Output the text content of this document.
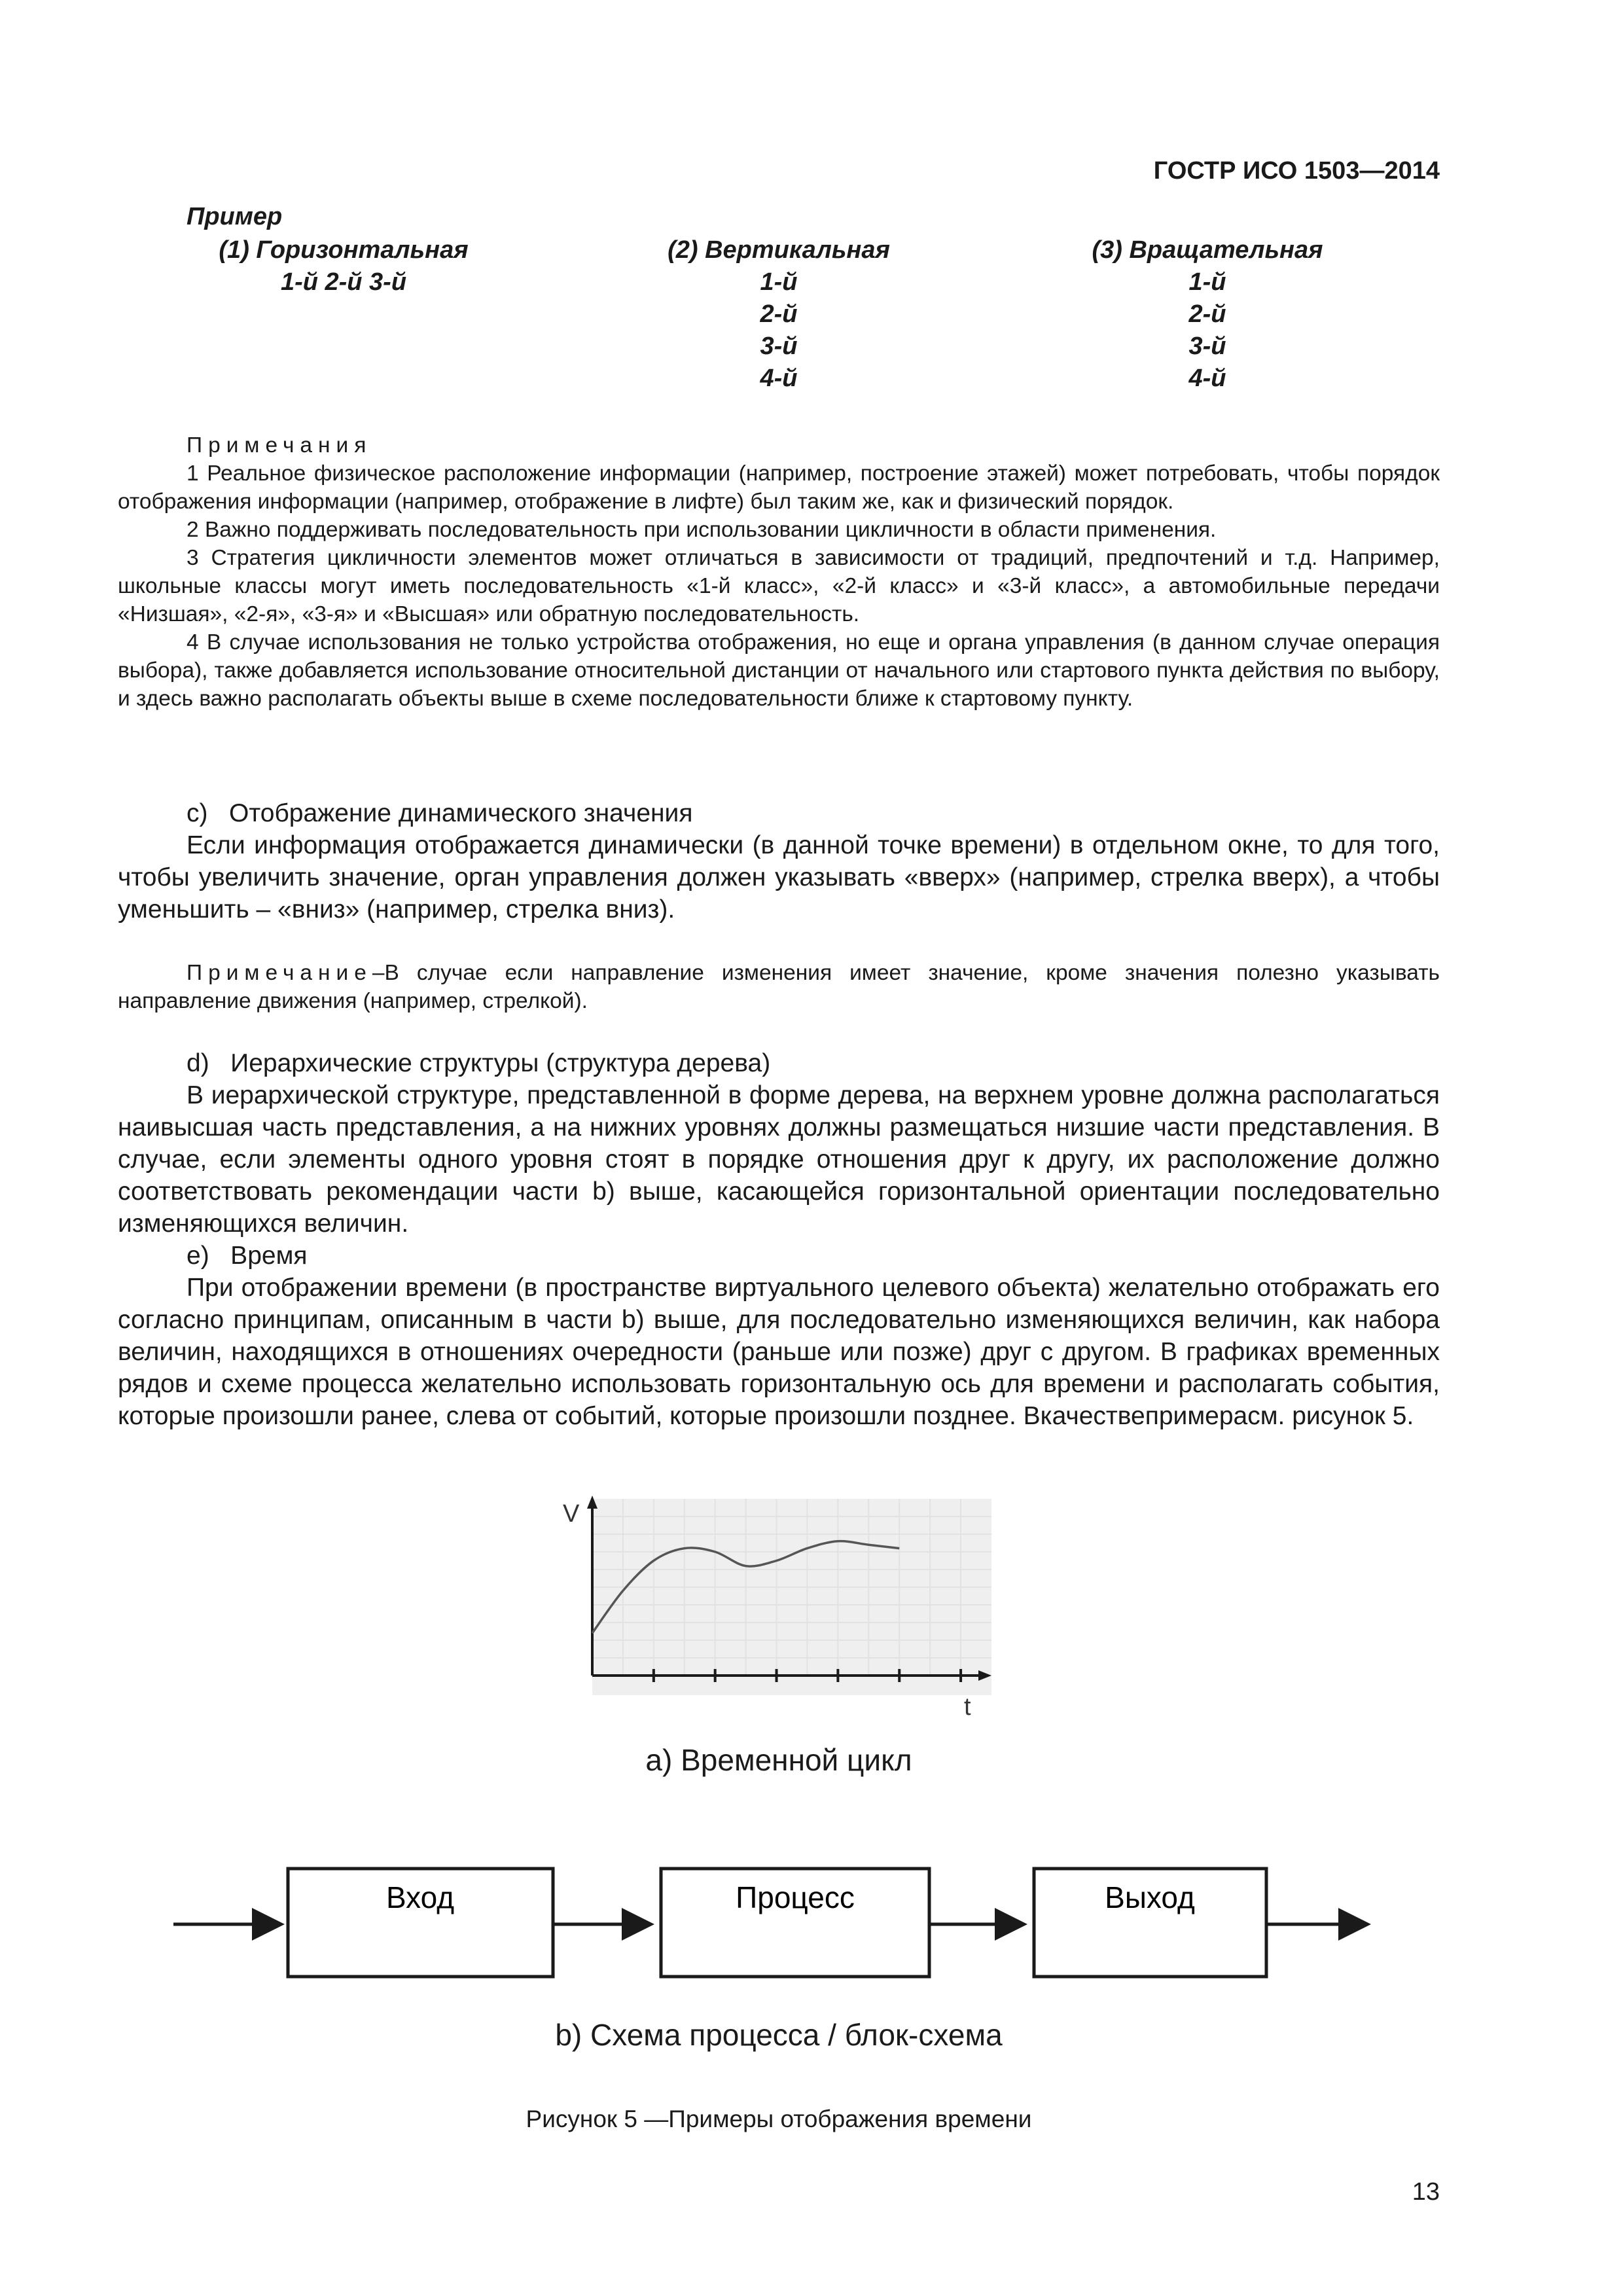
ГОСТР ИСО 1503—2014
Пример
(1) Горизонтальная
1-й 2-й 3-й
(2) Вертикальная
1-й
2-й
3-й
4-й
(3) Вращательная
1-й
2-й
3-й
4-й

Примечания

1 Реальное физическое расположение информации (например, построение этажей) может потребовать, чтобы порядок отображения информации (например, отображение в лифте) был таким же, как и физический порядок.

2 Важно поддерживать последовательность при использовании цикличности в области применения.

3 Стратегия цикличности элементов может отличаться в зависимости от традиций, предпочтений и т.д. Например, школьные классы могут иметь последовательность «1-й класс», «2-й класс» и «3-й класс», а автомобильные передачи «Низшая», «2-я», «3-я» и «Высшая» или обратную последовательность.

4 В случае использования не только устройства отображения, но еще и органа управления (в данном случае операция выбора), также добавляется использование относительной дистанции от начального или стартового пункта действия по выбору, и здесь важно располагать объекты выше в схеме последовательности ближе к стартовому пункту.

c)   Отображение динамического значения

Если информация отображается динамически (в данной точке времени) в отдельном окне, то для того, чтобы увеличить значение, орган управления должен указывать «вверх» (например, стрелка вверх), а чтобы уменьшить – «вниз» (например, стрелка вниз).

Примечание–В случае если направление изменения имеет значение, кроме значения полезно указывать направление движения (например, стрелкой).

d)   Иерархические структуры (структура дерева)

В иерархической структуре, представленной в форме дерева, на верхнем уровне должна располагаться наивысшая часть представления, а на нижних уровнях должны размещаться низшие части представления. В случае, если элементы одного уровня стоят в порядке отношения друг к другу, их расположение должно соответствовать рекомендации части b) выше, касающейся горизонтальной ориентации последовательно изменяющихся величин.

e)   Время

При отображении времени (в пространстве виртуального целевого объекта) желательно отображать его согласно принципам, описанным в части b) выше, для последовательно изменяющихся величин, как набора величин, находящихся в отношениях очередности (раньше или позже) друг с другом. В графиках временных рядов и схеме процесса желательно использовать горизонтальную ось для времени и располагать события, которые произошли ранее, слева от событий, которые произошли позднее. Вкачествепримерасм. рисунок 5.

V
t
а) Временной цикл
Вход	Процесс	Выход
b) Схема процесса / блок-схема
Рисунок 5 —Примеры отображения времени
13
